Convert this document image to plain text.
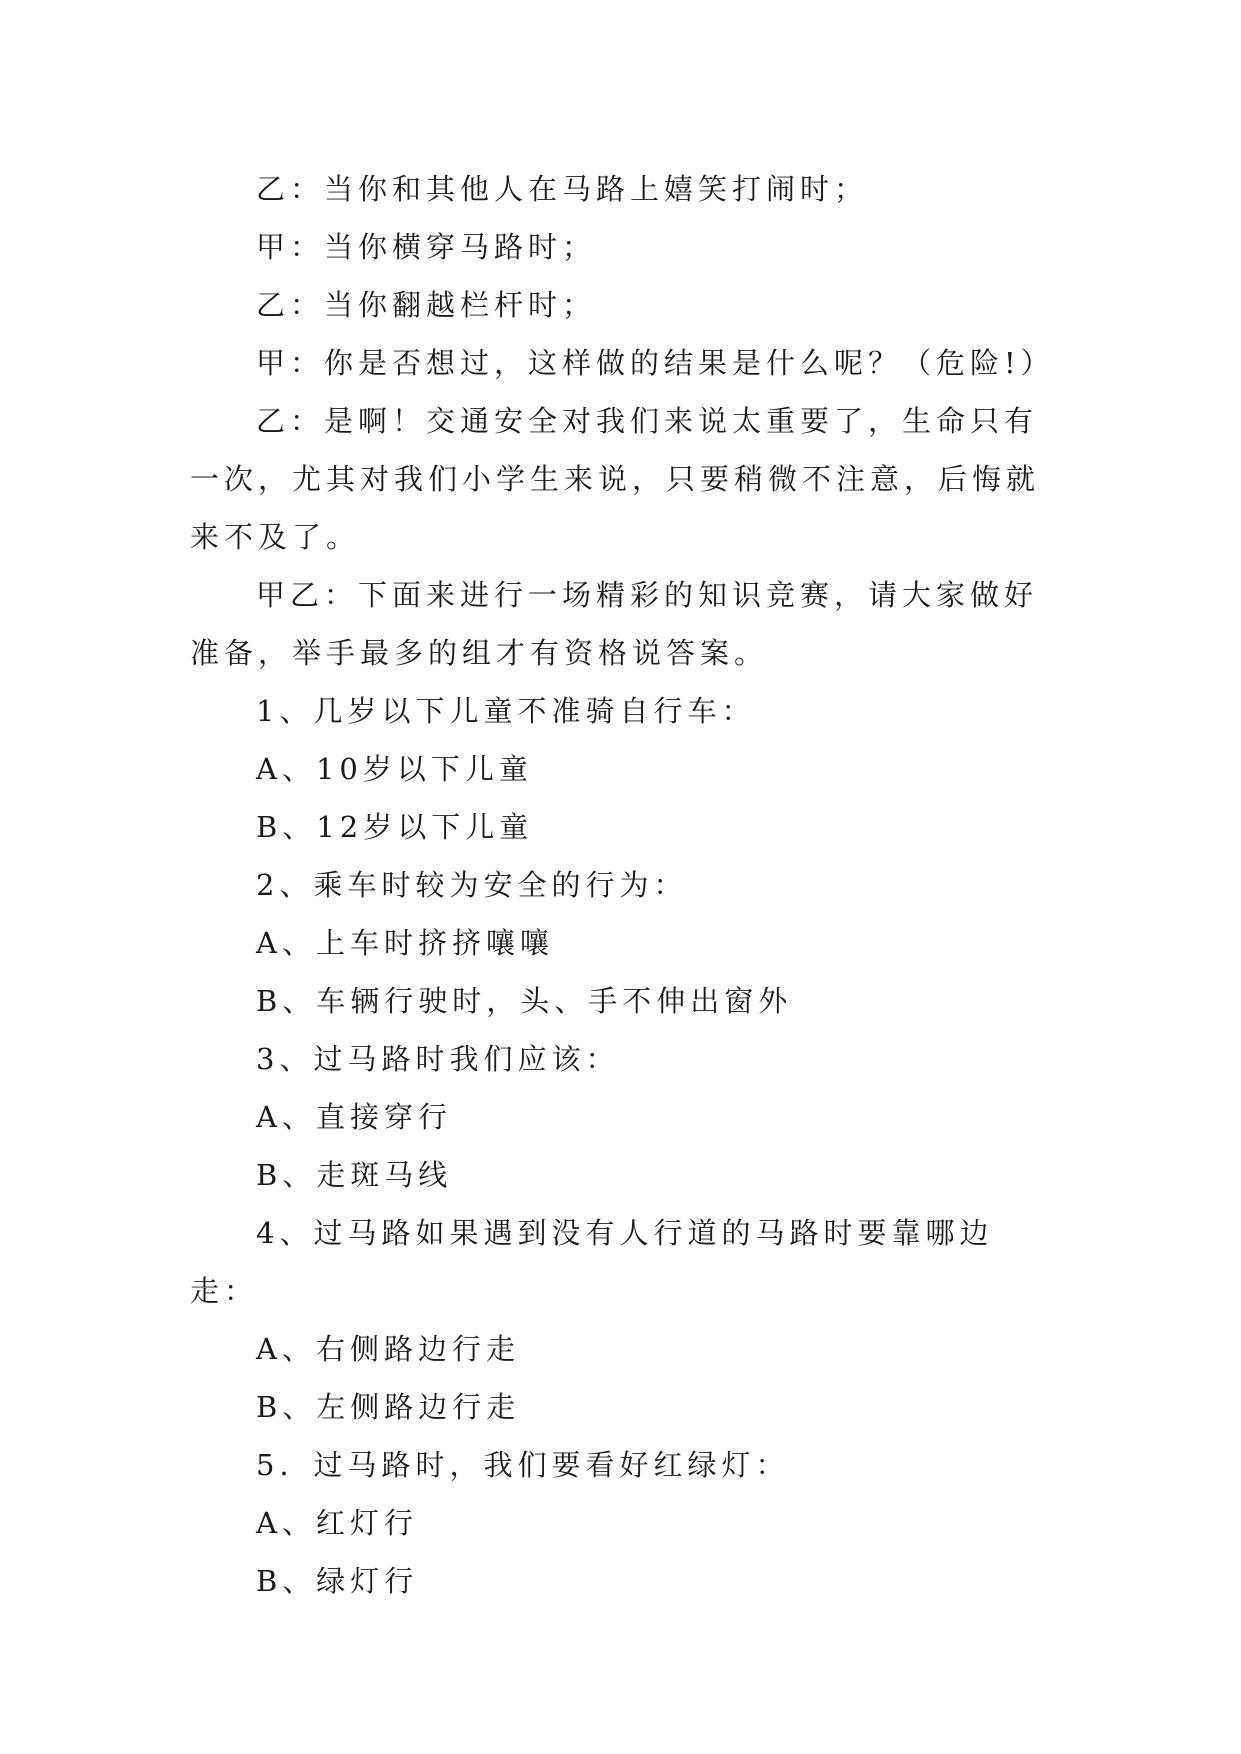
乙：当你和其他人在马路上嬉笑打闹时；

甲：当你横穿马路时；

乙：当你翻越栏杆时；

甲：你是否想过，这样做的结果是什么呢？（危险!）

乙：是啊！交通安全对我们来说太重要了，生命只有一次，尤其对我们小学生来说，只要稍微不注意，后悔就来不及了。

甲乙：下面来进行一场精彩的知识竞赛，请大家做好准备，举手最多的组才有资格说答案。

1、几岁以下儿童不准骑自行车：

A、10岁以下儿童

B、12岁以下儿童

2、乘车时较为安全的行为：

A、上车时挤挤嚷嚷

B、车辆行驶时，头、手不伸出窗外

3、过马路时我们应该：

A、直接穿行

B、走斑马线

4、过马路如果遇到没有人行道的马路时要靠哪边走：

A、右侧路边行走

B、左侧路边行走

5．过马路时，我们要看好红绿灯：

A、红灯行

B、绿灯行
